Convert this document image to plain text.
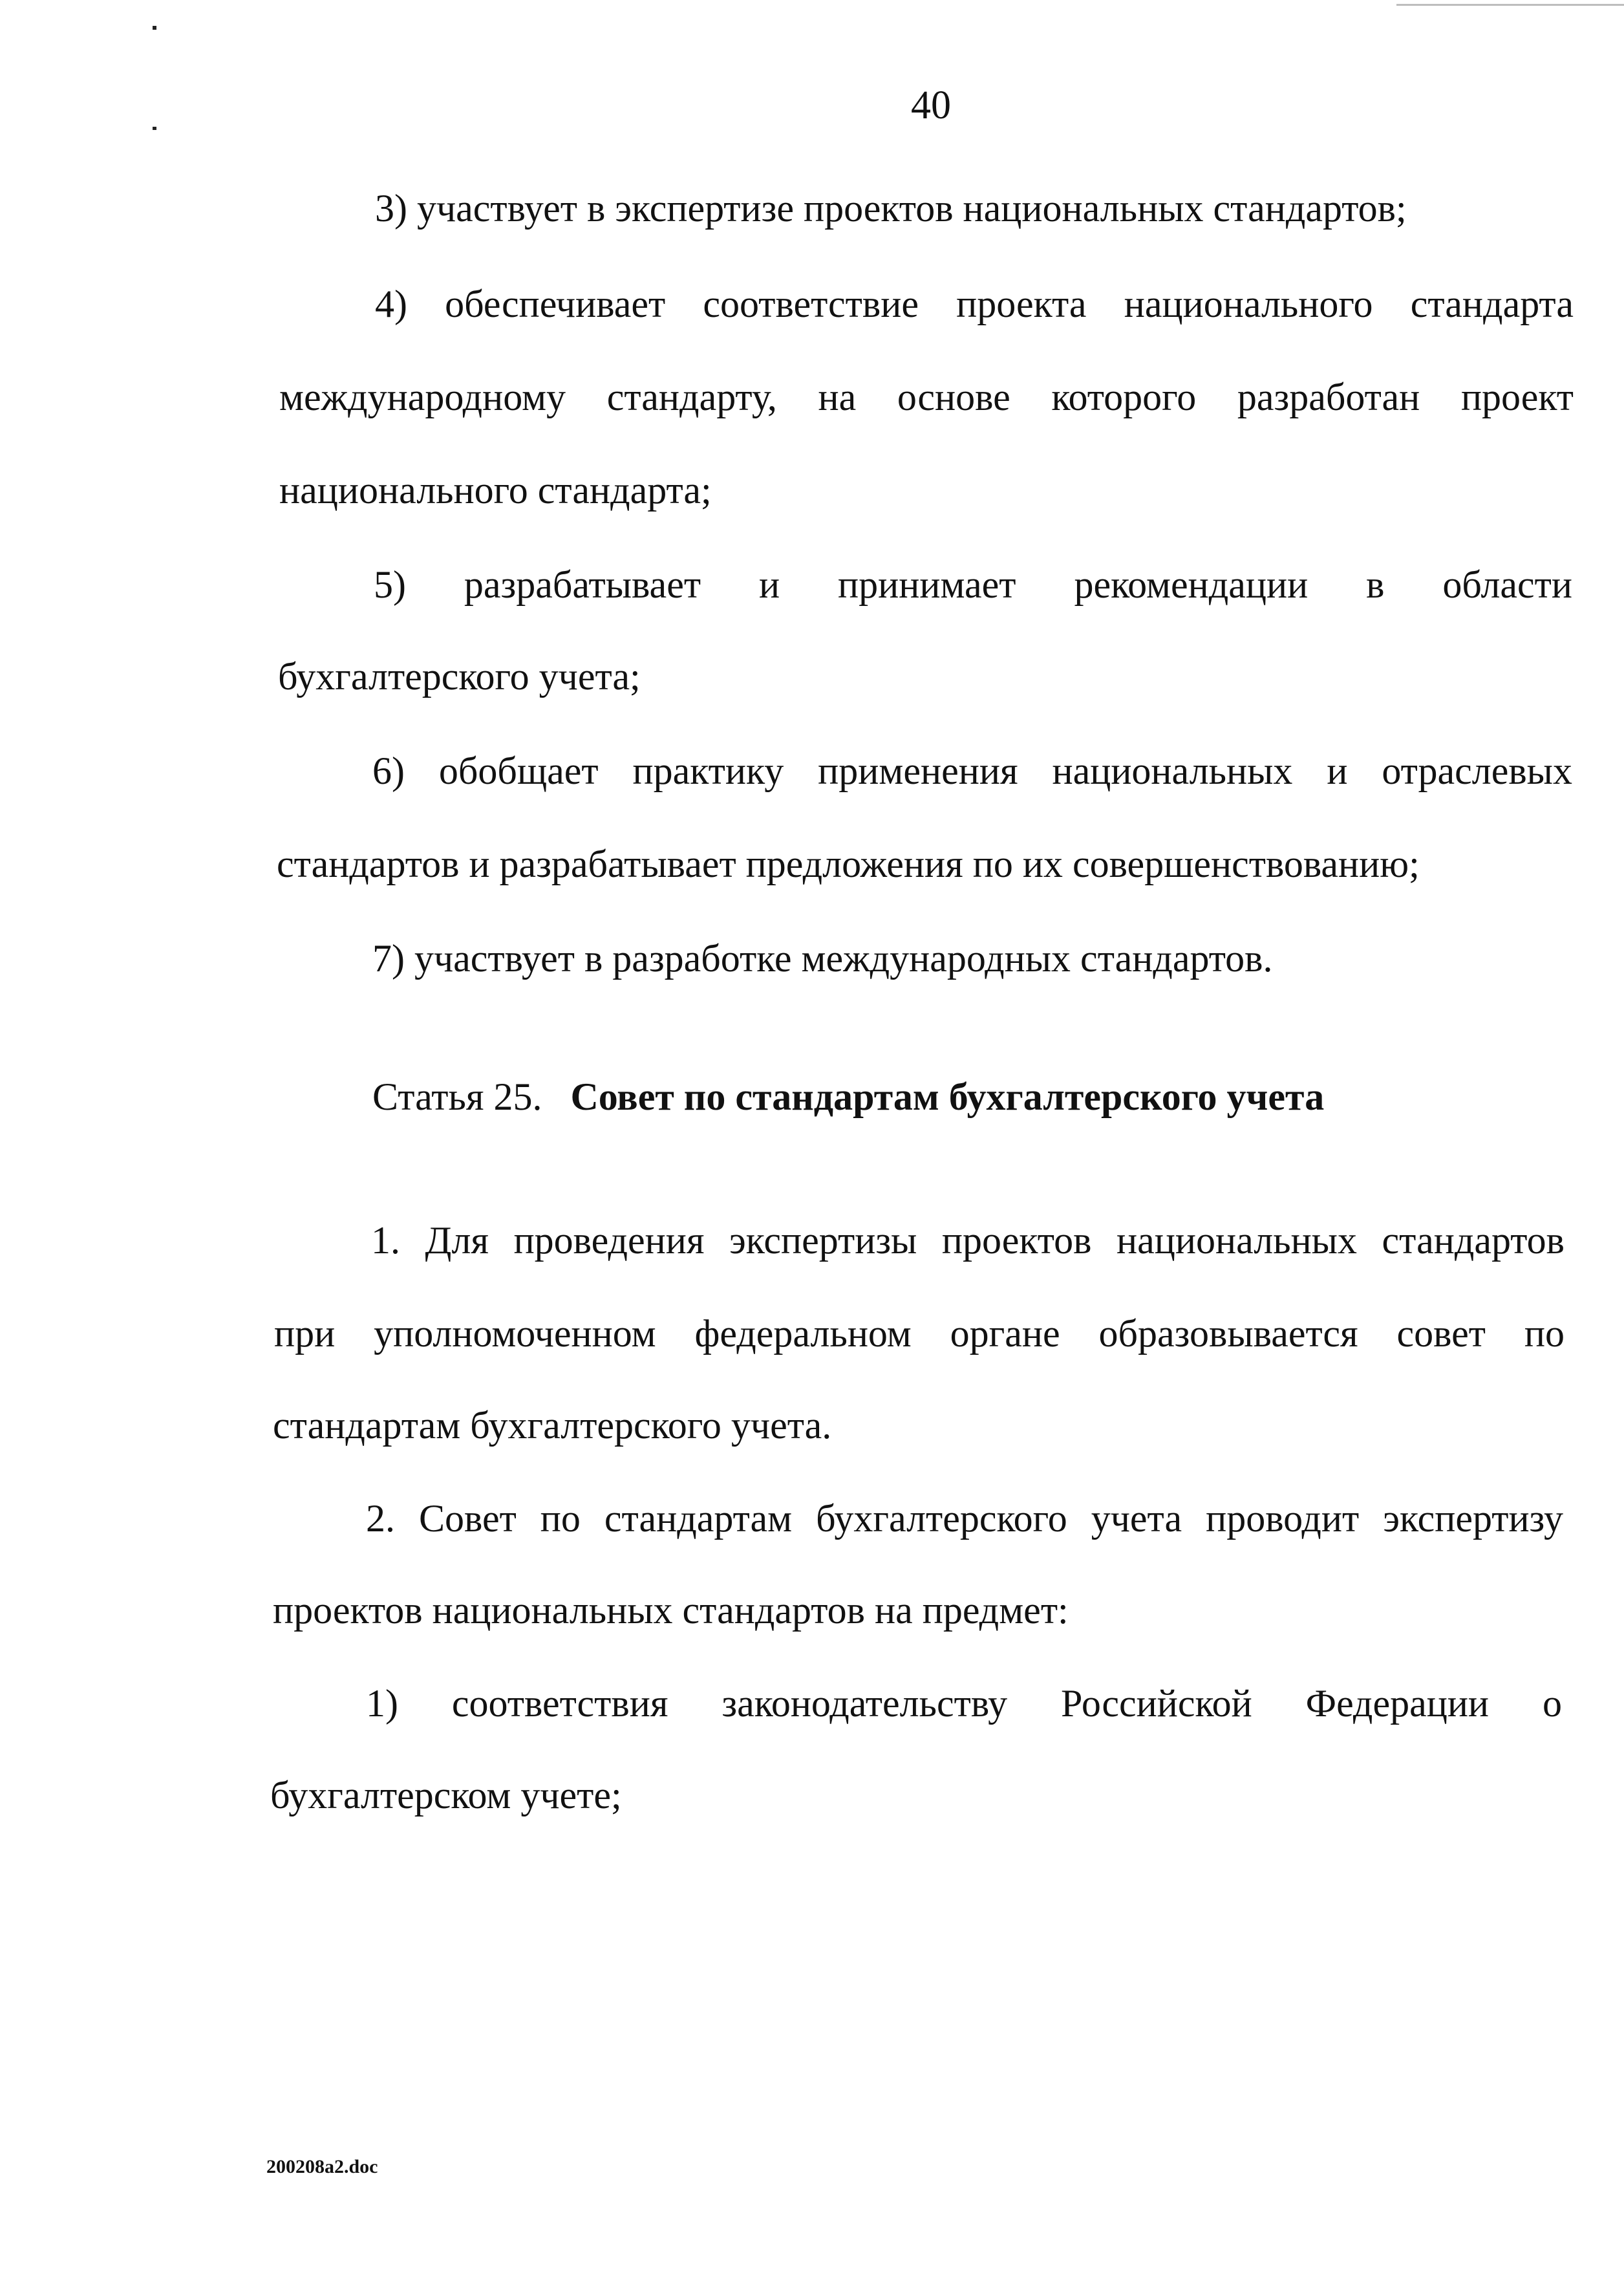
40
3) участвует в экспертизе проектов национальных стандартов;
4) обеспечивает соответствие проекта национального стандарта
международному стандарту, на основе которого разработан проект
национального стандарта;
5) разрабатывает и принимает рекомендации в области
бухгалтерского учета;
6) обобщает практику применения национальных и отраслевых
стандартов и разрабатывает предложения по их совершенствованию;
7) участвует в разработке международных стандартов.
Статья 25. Совет по стандартам бухгалтерского учета
1. Для проведения экспертизы проектов национальных стандартов
при уполномоченном федеральном органе образовывается совет по
стандартам бухгалтерского учета.
2. Совет по стандартам бухгалтерского учета проводит экспертизу
проектов национальных стандартов на предмет:
1) соответствия законодательству Российской Федерации о
бухгалтерском учете;
200208a2.doc
